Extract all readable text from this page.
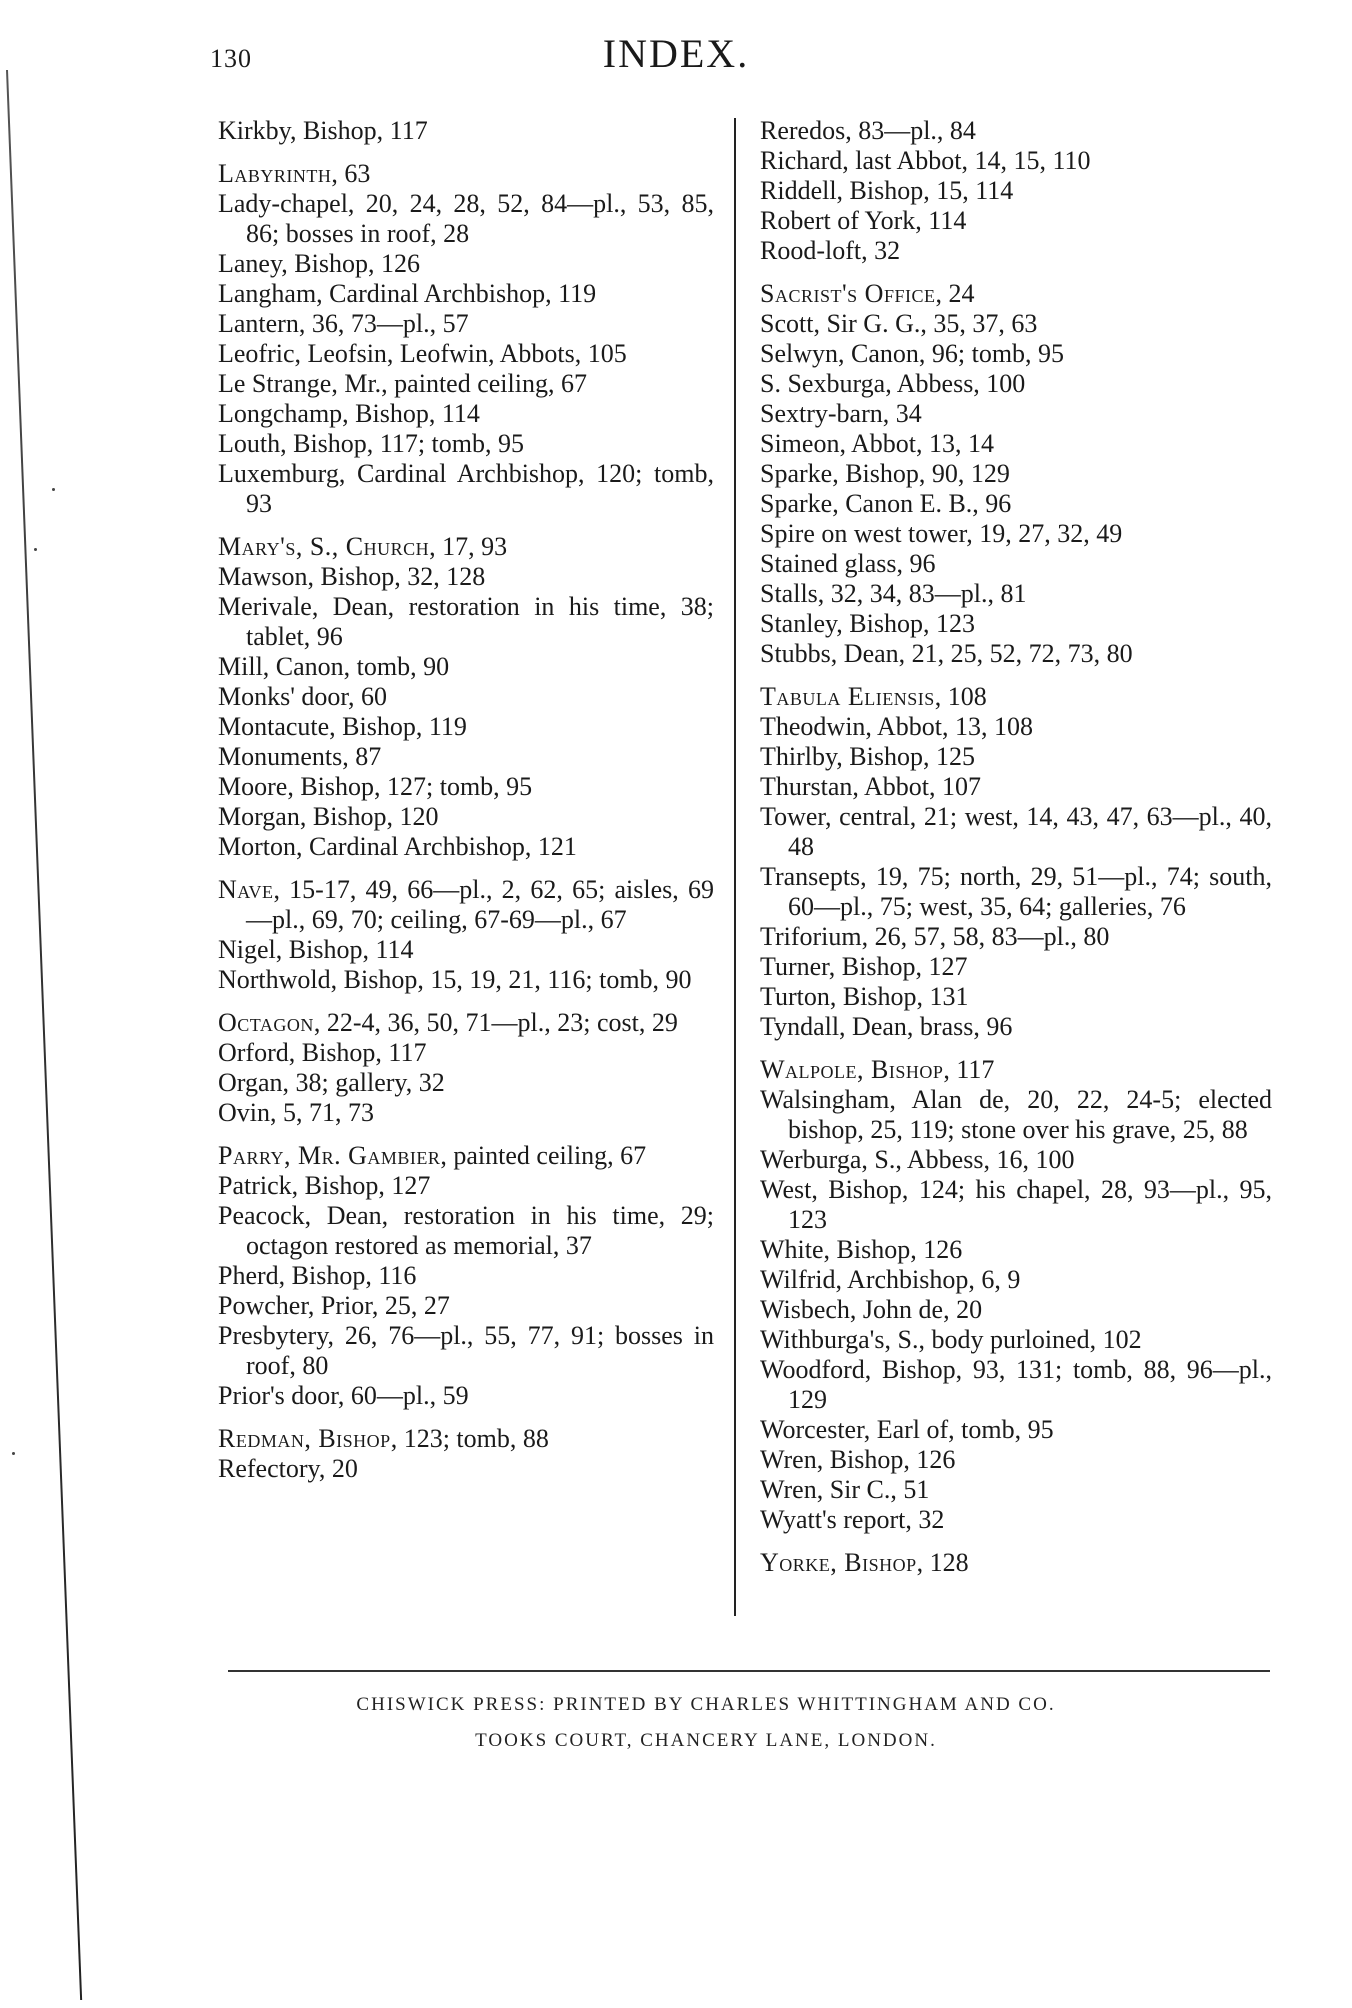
130	INDEX.
Kirkby, Bishop, 117
Labyrinth, 63
Lady-chapel, 20, 24, 28, 52, 84—pl., 53, 85, 86; bosses in roof, 28
Laney, Bishop, 126
Langham, Cardinal Archbishop, 119
Lantern, 36, 73—pl., 57
Leofric, Leofsin, Leofwin, Abbots, 105
Le Strange, Mr., painted ceiling, 67
Longchamp, Bishop, 114
Louth, Bishop, 117; tomb, 95
Luxemburg, Cardinal Archbishop, 120; tomb, 93
Mary's, S., Church, 17, 93
Mawson, Bishop, 32, 128
Merivale, Dean, restoration in his time, 38; tablet, 96
Mill, Canon, tomb, 90
Monks' door, 60
Montacute, Bishop, 119
Monuments, 87
Moore, Bishop, 127; tomb, 95
Morgan, Bishop, 120
Morton, Cardinal Archbishop, 121
Nave, 15-17, 49, 66—pl., 2, 62, 65; aisles, 69—pl., 69, 70; ceiling, 67-69—pl., 67
Nigel, Bishop, 114
Northwold, Bishop, 15, 19, 21, 116; tomb, 90
Octagon, 22-4, 36, 50, 71—pl., 23; cost, 29
Orford, Bishop, 117
Organ, 38; gallery, 32
Ovin, 5, 71, 73
Parry, Mr. Gambier, painted ceiling, 67
Patrick, Bishop, 127
Peacock, Dean, restoration in his time, 29; octagon restored as memorial, 37
Pherd, Bishop, 116
Powcher, Prior, 25, 27
Presbytery, 26, 76—pl., 55, 77, 91; bosses in roof, 80
Prior's door, 60—pl., 59
Redman, Bishop, 123; tomb, 88
Refectory, 20
Reredos, 83—pl., 84
Richard, last Abbot, 14, 15, 110
Riddell, Bishop, 15, 114
Robert of York, 114
Rood-loft, 32
Sacrist's Office, 24
Scott, Sir G. G., 35, 37, 63
Selwyn, Canon, 96; tomb, 95
S. Sexburga, Abbess, 100
Sextry-barn, 34
Simeon, Abbot, 13, 14
Sparke, Bishop, 90, 129
Sparke, Canon E. B., 96
Spire on west tower, 19, 27, 32, 49
Stained glass, 96
Stalls, 32, 34, 83—pl., 81
Stanley, Bishop, 123
Stubbs, Dean, 21, 25, 52, 72, 73, 80
Tabula Eliensis, 108
Theodwin, Abbot, 13, 108
Thirlby, Bishop, 125
Thurstan, Abbot, 107
Tower, central, 21; west, 14, 43, 47, 63—pl., 40, 48
Transepts, 19, 75; north, 29, 51—pl., 74; south, 60—pl., 75; west, 35, 64; galleries, 76
Triforium, 26, 57, 58, 83—pl., 80
Turner, Bishop, 127
Turton, Bishop, 131
Tyndall, Dean, brass, 96
Walpole, Bishop, 117
Walsingham, Alan de, 20, 22, 24-5; elected bishop, 25, 119; stone over his grave, 25, 88
Werburga, S., Abbess, 16, 100
West, Bishop, 124; his chapel, 28, 93—pl., 95, 123
White, Bishop, 126
Wilfrid, Archbishop, 6, 9
Wisbech, John de, 20
Withburga's, S., body purloined, 102
Woodford, Bishop, 93, 131; tomb, 88, 96—pl., 129
Worcester, Earl of, tomb, 95
Wren, Bishop, 126
Wren, Sir C., 51
Wyatt's report, 32
Yorke, Bishop, 128
CHISWICK PRESS: PRINTED BY CHARLES WHITTINGHAM AND CO.
TOOKS COURT, CHANCERY LANE, LONDON.
